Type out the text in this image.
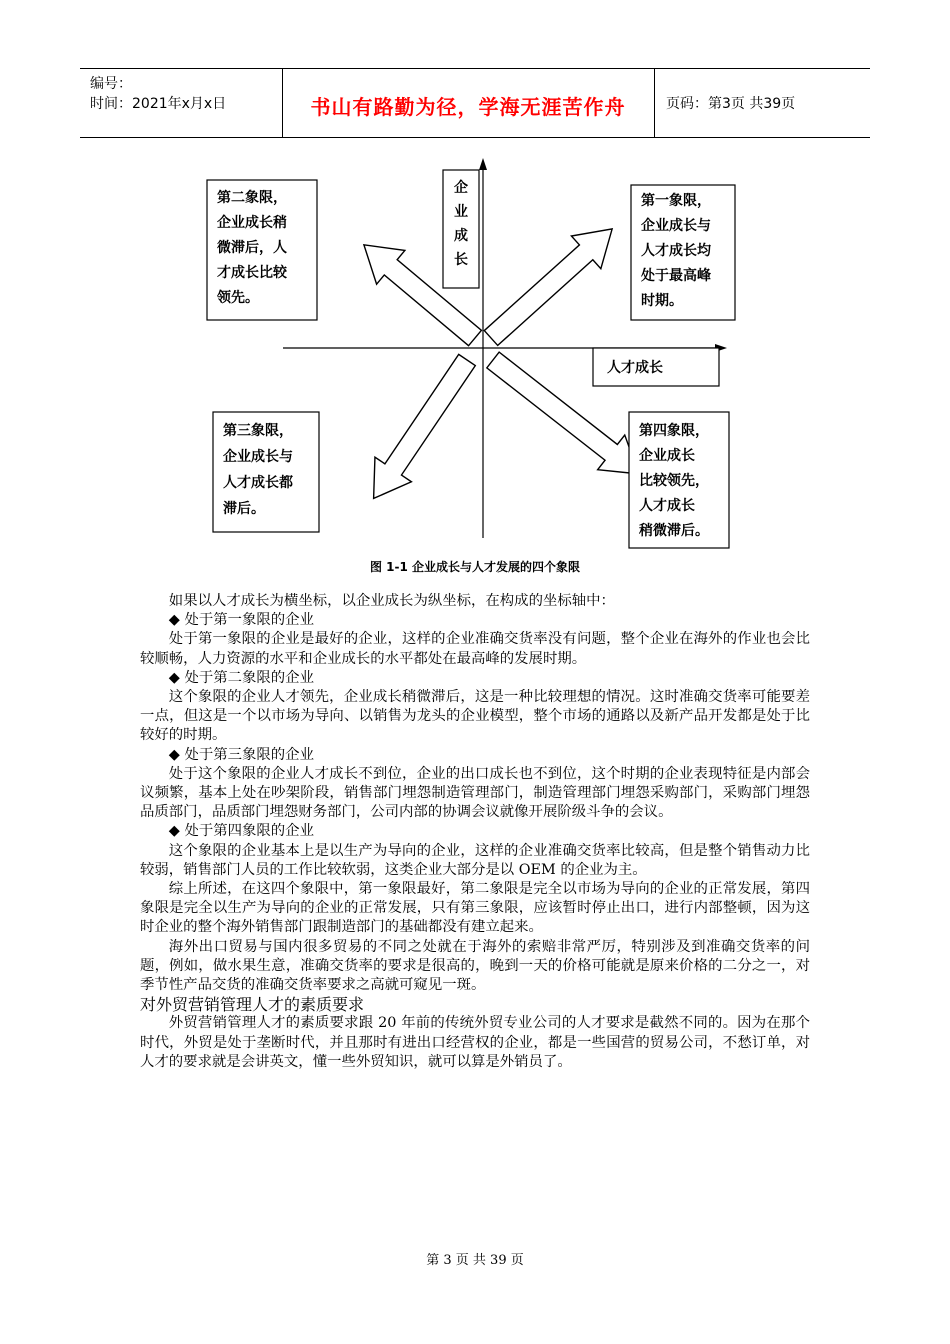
编号：
时间：2021年x月x日	书山有路勤为径，学海无涯苦作舟	页码：第3页 共39页
企
业
成
长
人才成长
第二象限，
企业成长稍
微滞后，人
才成长比较
领先。
第一象限，
企业成长与
人才成长均
处于最高峰
时期。
第三象限，
企业成长与
人才成长都
滞后。
第四象限，
企业成长
比较领先，
人才成长
稍微滞后。
图 1-1 企业成长与人才发展的四个象限

如果以人才成长为横坐标，以企业成长为纵坐标，在构成的坐标轴中：

◆ 处于第一象限的企业

处于第一象限的企业是最好的企业，这样的企业准确交货率没有问题，整个企业在海外的作业也会比较顺畅，人力资源的水平和企业成长的水平都处在最高峰的发展时期。

◆ 处于第二象限的企业

这个象限的企业人才领先，企业成长稍微滞后，这是一种比较理想的情况。这时准确交货率可能要差一点，但这是一个以市场为导向、以销售为龙头的企业模型，整个市场的通路以及新产品开发都是处于比较好的时期。

◆ 处于第三象限的企业

处于这个象限的企业人才成长不到位，企业的出口成长也不到位，这个时期的企业表现特征是内部会议频繁，基本上处在吵架阶段，销售部门埋怨制造管理部门，制造管理部门埋怨采购部门，采购部门埋怨品质部门，品质部门埋怨财务部门，公司内部的协调会议就像开展阶级斗争的会议。

◆ 处于第四象限的企业

这个象限的企业基本上是以生产为导向的企业，这样的企业准确交货率比较高，但是整个销售动力比较弱，销售部门人员的工作比较软弱，这类企业大部分是以 OEM 的企业为主。

综上所述，在这四个象限中，第一象限最好，第二象限是完全以市场为导向的企业的正常发展，第四象限是完全以生产为导向的企业的正常发展，只有第三象限，应该暂时停止出口，进行内部整顿，因为这时企业的整个海外销售部门跟制造部门的基础都没有建立起来。

海外出口贸易与国内很多贸易的不同之处就在于海外的索赔非常严厉，特别涉及到准确交货率的问题，例如，做水果生意，准确交货率的要求是很高的，晚到一天的价格可能就是原来价格的二分之一，对季节性产品交货的准确交货率要求之高就可窥见一斑。

对外贸营销管理人才的素质要求

外贸营销管理人才的素质要求跟 20 年前的传统外贸专业公司的人才要求是截然不同的。因为在那个时代，外贸是处于垄断时代，并且那时有进出口经营权的企业，都是一些国营的贸易公司，不愁订单，对人才的要求就是会讲英文，懂一些外贸知识，就可以算是外销员了。

第 3 页 共 39 页
